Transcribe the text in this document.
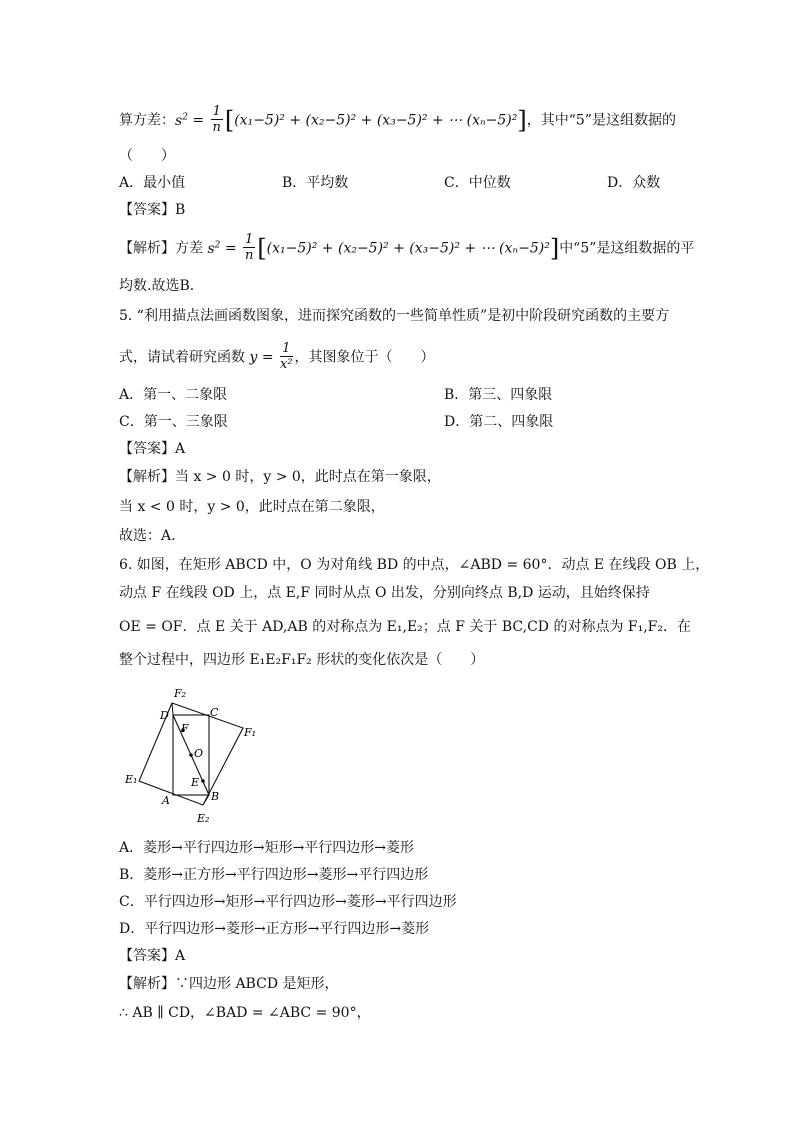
算方差：$s^2 = \frac{1}{n} [(x_1-5)^2 + (x_2-5)^2 + (x_3-5)^2$ + ⋯ (xₙ−5)²]，其中“5”是这组数据的
（　　）
A．最小值	B．平均数	C．中位数	D．众数
【答案】B
【解析】方差 $s^2 = \frac{1}{n} [(x_1-5)^2 + (x_2-5)^2 + (x_3-5)^2$ + ⋯ (xₙ−5)²]中“5”是这组数据的平
均数.故选B．
5. “利用描点法画函数图象，进而探究函数的一些简单性质”是初中阶段研究函数的主要方
式，请试着研究函数 $y = \frac{1}{\text{x²}}$ ，其图象位于（　　）
A．第一、二象限	B．第三、四象限
C．第一、三象限	D．第二、四象限
【答案】A
【解析】当 x > 0 时，y > 0，此时点在第一象限，
当 x < 0 时，y > 0，此时点在第二象限，
故选：A．
6. 如图，在矩形 ABCD 中，O 为对角线 BD 的中点，∠ABD = 60°．动点 E 在线段 OB 上，
动点 F 在线段 OD 上，点 E,F 同时从点 O 出发，分别向终点 B,D 运动，且始终保持
OE = OF．点 E 关于 AD,AB 的对称点为 E₁,E₂；点 F 关于 BC,CD 的对称点为 F₁,F₂．在
整个过程中，四边形 E₁E₂F₁F₂ 形状的变化依次是（　　）
F₂
D	C
F₁
F
O
E₁	E
A	B
E₂
A．菱形→平行四边形→矩形→平行四边形→菱形
B．菱形→正方形→平行四边形→菱形→平行四边形
C．平行四边形→矩形→平行四边形→菱形→平行四边形
D．平行四边形→菱形→正方形→平行四边形→菱形
【答案】A
【解析】∵四边形 ABCD 是矩形，
∴ AB ∥ CD，∠BAD = ∠ABC = 90°，
